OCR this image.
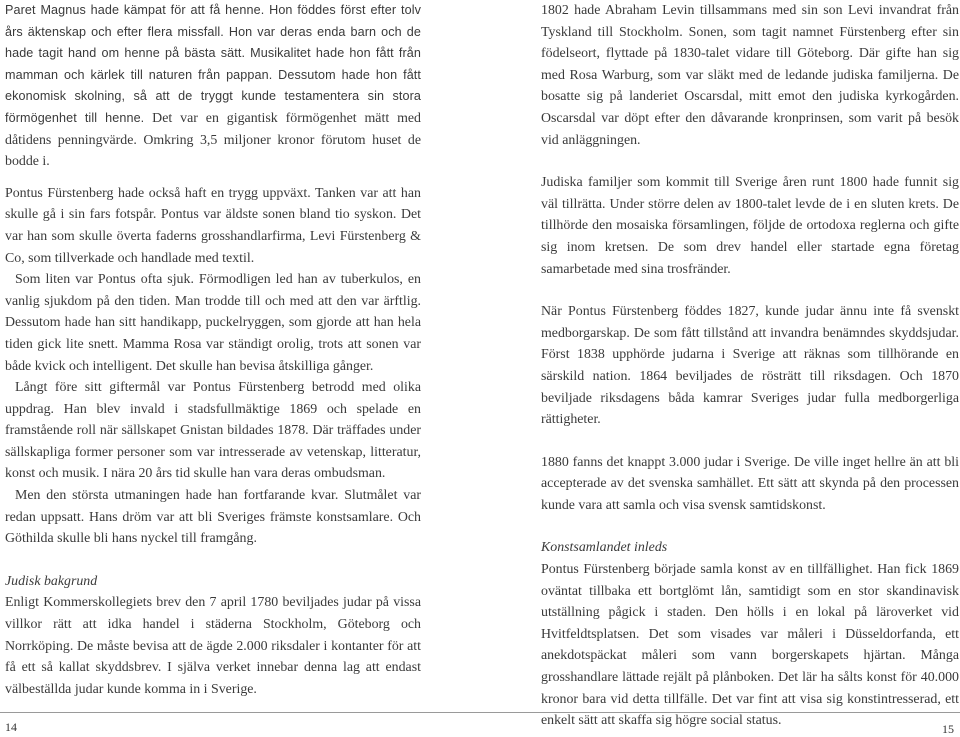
Paret Magnus hade kämpat för att få henne. Hon föddes först efter tolv års äktenskap och efter flera missfall. Hon var deras enda barn och de hade tagit hand om henne på bästa sätt. Musikalitet hade hon fått från mamman och kärlek till naturen från pappan. Dessutom hade hon fått ekonomisk skolning, så att de tryggt kunde testamentera sin stora förmögenhet till henne. Det var en gigantisk förmögenhet mätt med dåtidens penningvärde. Omkring 3,5 miljoner kronor förutom huset de bodde i.

Pontus Fürstenberg hade också haft en trygg uppväxt. Tanken var att han skulle gå i sin fars fotspår. Pontus var äldste sonen bland tio syskon. Det var han som skulle överta faderns grosshandlarfirma, Levi Fürstenberg & Co, som tillverkade och handlade med textil.

Som liten var Pontus ofta sjuk. Förmodligen led han av tuberkulos, en vanlig sjukdom på den tiden. Man trodde till och med att den var ärftlig. Dessutom hade han sitt handikapp, puckelryggen, som gjorde att han hela tiden gick lite snett. Mamma Rosa var ständigt orolig, trots att sonen var både kvick och intelligent. Det skulle han bevisa åtskilliga gånger.

Långt före sitt giftermål var Pontus Fürstenberg betrodd med olika uppdrag. Han blev invald i stadsfullmäktige 1869 och spelade en framstående roll när sällskapet Gnistan bildades 1878. Där träffades under sällskapliga former personer som var intresserade av vetenskap, litteratur, konst och musik. I nära 20 års tid skulle han vara deras ombudsman.

Men den största utmaningen hade han fortfarande kvar. Slutmålet var redan uppsatt. Hans dröm var att bli Sveriges främste konstsamlare. Och Göthilda skulle bli hans nyckel till framgång.

Judisk bakgrund

Enligt Kommerskollegiets brev den 7 april 1780 beviljades judar på vissa villkor rätt att idka handel i städerna Stockholm, Göteborg och Norrköping. De måste bevisa att de ägde 2.000 riksdaler i kontanter för att få ett så kallat skyddsbrev. I själva verket innebar denna lag att endast välbeställda judar kunde komma in i Sverige.

1802 hade Abraham Levin tillsammans med sin son Levi invandrat från Tyskland till Stockholm. Sonen, som tagit namnet Fürstenberg efter sin födelseort, flyttade på 1830-talet vidare till Göteborg. Där gifte han sig med Rosa Warburg, som var släkt med de ledande judiska familjerna. De bosatte sig på landeriet Oscarsdal, mitt emot den judiska kyrkogården. Oscarsdal var döpt efter den dåvarande kronprinsen, som varit på besök vid anläggningen.

Judiska familjer som kommit till Sverige åren runt 1800 hade funnit sig väl tillrätta. Under större delen av 1800-talet levde de i en sluten krets. De tillhörde den mosaiska församlingen, följde de ortodoxa reglerna och gifte sig inom kretsen. De som drev handel eller startade egna företag samarbetade med sina trosfränder.

När Pontus Fürstenberg föddes 1827, kunde judar ännu inte få svenskt medborgarskap. De som fått tillstånd att invandra benämndes skyddsjudar. Först 1838 upphörde judarna i Sverige att räknas som tillhörande en särskild nation. 1864 beviljades de rösträtt till riksdagen. Och 1870 beviljade riksdagens båda kamrar Sveriges judar fulla medborgerliga rättigheter.

1880 fanns det knappt 3.000 judar i Sverige. De ville inget hellre än att bli accepterade av det svenska samhället. Ett sätt att skynda på den processen kunde vara att samla och visa svensk samtidskonst.

Konstsamlandet inleds

Pontus Fürstenberg började samla konst av en tillfällighet. Han fick 1869 oväntat tillbaka ett bortglömt lån, samtidigt som en stor skandinavisk utställning pågick i staden. Den hölls i en lokal på läroverket vid Hvitfeldtsplatsen. Det som visades var måleri i Düsseldorfanda, ett anekdotspäckat måleri som vann borgerskapets hjärtan. Många grosshandlare lättade rejält på plånboken. Det lär ha sålts konst för 40.000 kronor bara vid detta tillfälle. Det var fint att visa sig konstintresserad, ett enkelt sätt att skaffa sig högre social status.

14	15
